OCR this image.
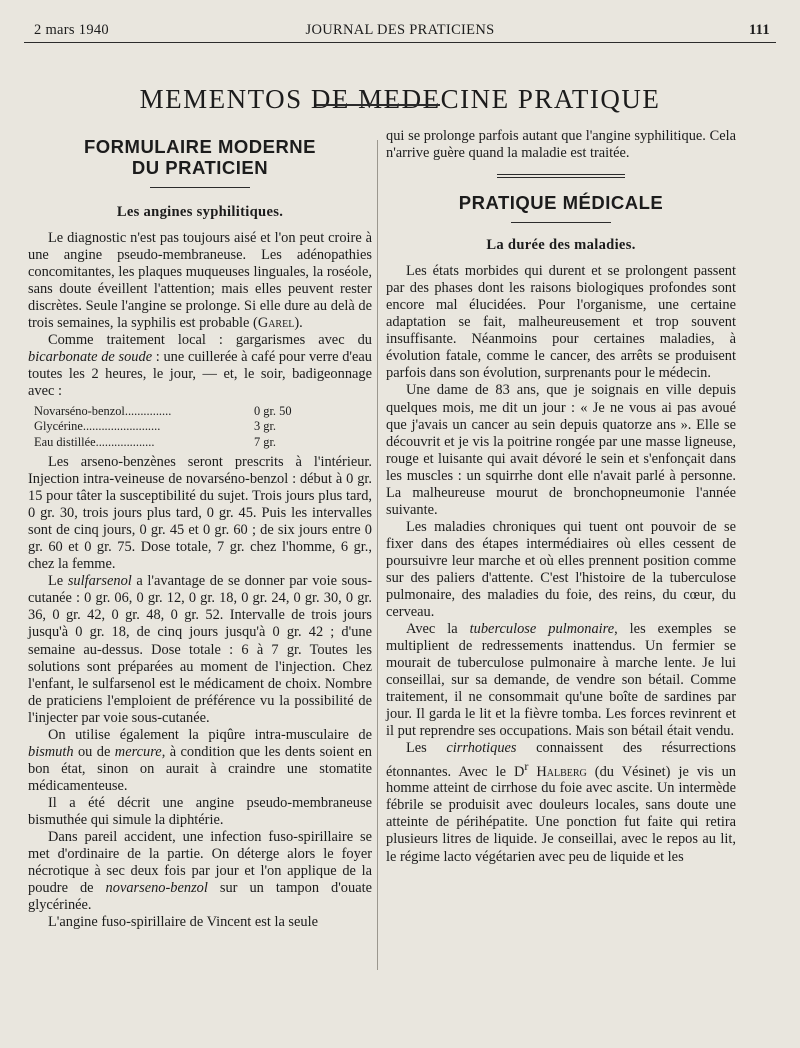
2 mars 1940	JOURNAL DES PRATICIENS	111
MEMENTOS DE MEDECINE PRATIQUE
FORMULAIRE MODERNE
DU PRATICIEN
Les angines syphilitiques.

Le diagnostic n'est pas toujours aisé et l'on peut croire à une angine pseudo-membraneuse. Les adénopathies concomitantes, les plaques muqueuses linguales, la roséole, sans doute éveillent l'attention; mais elles peuvent rester discrètes. Seule l'angine se prolonge. Si elle dure au delà de trois semaines, la syphilis est probable (Garel).

Comme traitement local : gargarismes avec du bicarbonate de soude : une cuillerée à café pour verre d'eau toutes les 2 heures, le jour, — et, le soir, badigeonnage avec :

Novarséno-benzol...............	0 gr. 50
Glycérine.........................	3 gr.
Eau distillée...................	7 gr.

Les arseno-benzènes seront prescrits à l'intérieur. Injection intra-veineuse de novarséno-benzol : début à 0 gr. 15 pour tâter la susceptibilité du sujet. Trois jours plus tard, 0 gr. 30, trois jours plus tard, 0 gr. 45. Puis les intervalles sont de cinq jours, 0 gr. 45 et 0 gr. 60 ; de six jours entre 0 gr. 60 et 0 gr. 75. Dose totale, 7 gr. chez l'homme, 6 gr., chez la femme.

Le sulfarsenol a l'avantage de se donner par voie sous-cutanée : 0 gr. 06, 0 gr. 12, 0 gr. 18, 0 gr. 24, 0 gr. 30, 0 gr. 36, 0 gr. 42, 0 gr. 48, 0 gr. 52. Intervalle de trois jours jusqu'à 0 gr. 18, de cinq jours jusqu'à 0 gr. 42 ; d'une semaine au-dessus. Dose totale : 6 à 7 gr. Toutes les solutions sont préparées au moment de l'injection. Chez l'enfant, le sulfarsenol est le médicament de choix. Nombre de praticiens l'emploient de préférence vu la possibilité de l'injecter par voie sous-cutanée.

On utilise également la piqûre intra-musculaire de bismuth ou de mercure, à condition que les dents soient en bon état, sinon on aurait à craindre une stomatite médicamenteuse.

Il a été décrit une angine pseudo-membraneuse bismuthée qui simule la diphtérie.

Dans pareil accident, une infection fuso-spirillaire se met d'ordinaire de la partie. On déterge alors le foyer nécrotique à sec deux fois par jour et l'on applique de la poudre de novarseno-benzol sur un tampon d'ouate glycérinée.

L'angine fuso-spirillaire de Vincent est la seule

qui se prolonge parfois autant que l'angine syphilitique. Cela n'arrive guère quand la maladie est traitée.

PRATIQUE MÉDICALE
La durée des maladies.

Les états morbides qui durent et se prolongent passent par des phases dont les raisons biologiques profondes sont encore mal élucidées. Pour l'organisme, une certaine adaptation se fait, malheureusement et trop souvent insuffisante. Néanmoins pour certaines maladies, à évolution fatale, comme le cancer, des arrêts se produisent parfois dans son évolution, surprenants pour le médecin.

Une dame de 83 ans, que je soignais en ville depuis quelques mois, me dit un jour : « Je ne vous ai pas avoué que j'avais un cancer au sein depuis quatorze ans ». Elle se découvrit et je vis la poitrine rongée par une masse ligneuse, rouge et luisante qui avait dévoré le sein et s'enfonçait dans les muscles : un squirrhe dont elle n'avait parlé à personne. La malheureuse mourut de bronchopneumonie l'année suivante.

Les maladies chroniques qui tuent ont pouvoir de se fixer dans des étapes intermédiaires où elles cessent de poursuivre leur marche et où elles prennent position comme sur des paliers d'attente. C'est l'histoire de la tuberculose pulmonaire, des maladies du foie, des reins, du cœur, du cerveau.

Avec la tuberculose pulmonaire, les exemples se multiplient de redressements inattendus. Un fermier se mourait de tuberculose pulmonaire à marche lente. Je lui conseillai, sur sa demande, de vendre son bétail. Comme traitement, il ne consommait qu'une boîte de sardines par jour. Il garda le lit et la fièvre tomba. Les forces revinrent et il put reprendre ses occupations. Mais son bétail était vendu.

Les cirrhotiques connaissent des résurrections étonnantes. Avec le $D^r$ Halberg (du Vésinet) je vis un homme atteint de cirrhose du foie avec ascite. Un intermède fébrile se produisit avec douleurs locales, sans doute une atteinte de périhépatite. Une ponction fut faite qui retira plusieurs litres de liquide. Je conseillai, avec le repos au lit, le régime lacto végétarien avec peu de liquide et les
